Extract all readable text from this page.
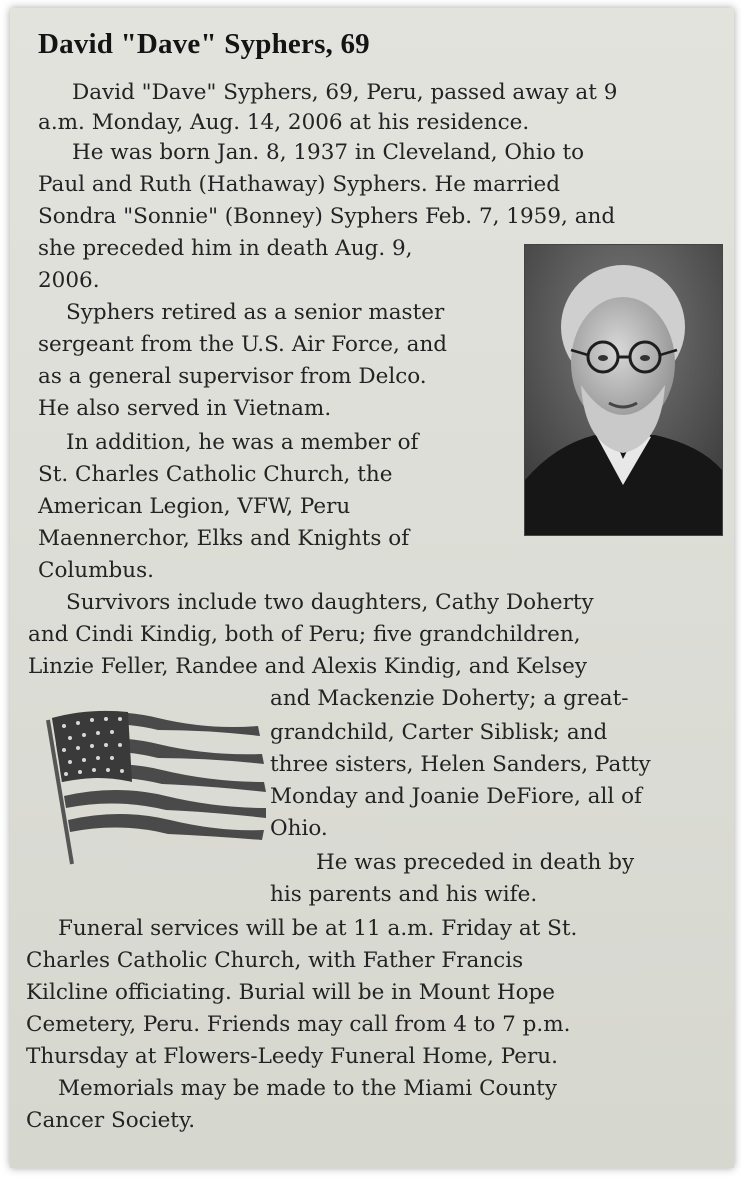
David "Dave" Syphers, 69

David "Dave" Syphers, 69, Peru, passed away at 9

a.m. Monday, Aug. 14, 2006 at his residence.

He was born Jan. 8, 1937 in Cleveland, Ohio to

Paul and Ruth (Hathaway) Syphers. He married

Sondra "Sonnie" (Bonney) Syphers Feb. 7, 1959, and

she preceded him in death Aug. 9,

2006.

Syphers retired as a senior master

sergeant from the U.S. Air Force, and

as a general supervisor from Delco.

He also served in Vietnam.

In addition, he was a member of

St. Charles Catholic Church, the

American Legion, VFW, Peru

Maennerchor, Elks and Knights of

Columbus.

Survivors include two daughters, Cathy Doherty

and Cindi Kindig, both of Peru; five grandchildren,

Linzie Feller, Randee and Alexis Kindig, and Kelsey

and Mackenzie Doherty; a great-

grandchild, Carter Siblisk; and

three sisters, Helen Sanders, Patty

Monday and Joanie DeFiore, all of

Ohio.

He was preceded in death by

his parents and his wife.

Funeral services will be at 11 a.m. Friday at St.

Charles Catholic Church, with Father Francis

Kilcline officiating. Burial will be in Mount Hope

Cemetery, Peru. Friends may call from 4 to 7 p.m.

Thursday at Flowers-Leedy Funeral Home, Peru.

Memorials may be made to the Miami County

Cancer Society.
